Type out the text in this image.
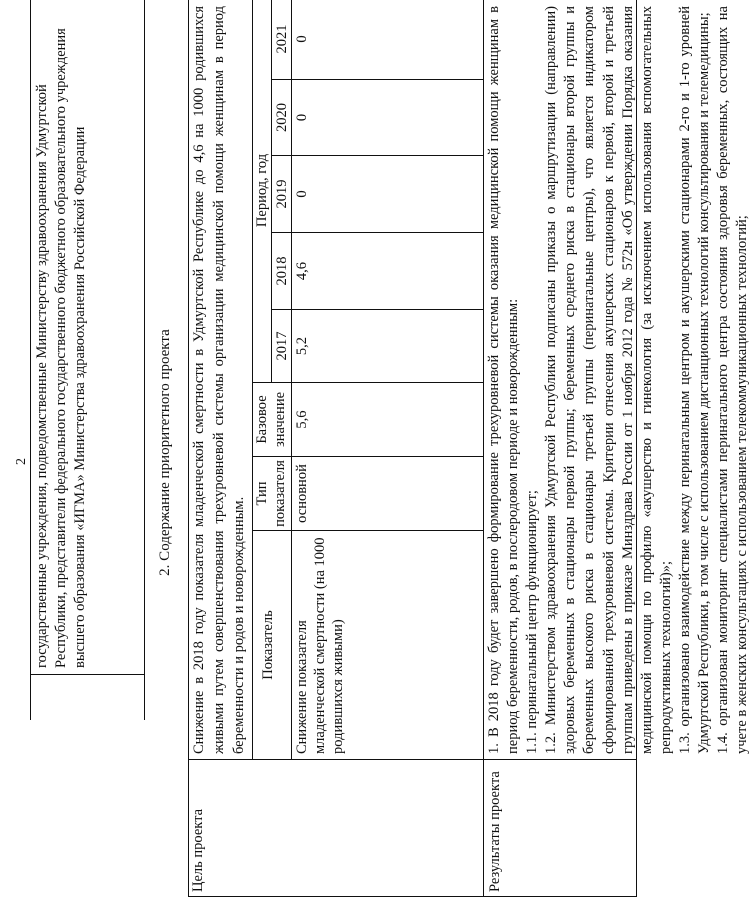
2 государственные учреждения, подведомственные Министерству здравоохранения Удмуртской Республики, представители федерального государственного бюджетного образовательного учреждения высшего образования «ИГМА» Министерства здравоохранения Российской Федерации	2. Содержание приоритетного проекта
Цель проекта
Снижение в 2018 году показателя младенческой смертности в Удмуртской Республике до 4,6 на 1000 родившихся живыми путем совершенствования трехуровневой системы организации медицинской помощи женщинам в период беременности и родов и новорожденным. Показатель
Тип показателя
Базовое значение
Период, год
2017
2018
2019
2020
2021
Снижение показателя младенческой смертности (на 1000 родившихся живыми)
основной
5,6
5,2
4,6
0
0
0
Результаты проекта

1. В 2018 году будет завершено формирование трехуровневой системы оказания медицинской помощи женщинам в период беременности, родов, в послеродовом периоде и новорожденным: 1.1. перинатальный центр функционирует; 1.2. Министерством здравоохранения Удмуртской Республики подписаны приказы о маршрутизации (направлении) здоровых беременных в стационары первой группы; беременных среднего риска в стационары второй группы и беременных высокого риска в стационары третьей группы (перинатальные центры), что является индикатором сформированной трехуровневой системы. Критерии отнесения акушерских стационаров к первой, второй и третьей группам приведены в приказе Минздрава России от 1 ноября 2012 года № 572н «Об утверждении Порядка оказания медицинской помощи по профилю «акушерство и гинекология (за исключением использования вспомогательных репродуктивных технологий)»; 1.3. организовано взаимодействие между перинатальным центром и акушерскими стационарами 2-го и 1-го уровней Удмуртской Республики, в том числе с использованием дистанционных технологий консультирования и телемедицины; 1.4. организован мониторинг специалистами перинатального центра состояния здоровья беременных, состоящих на учете в женских консультациях с использованием телекоммуникационных технологий;
